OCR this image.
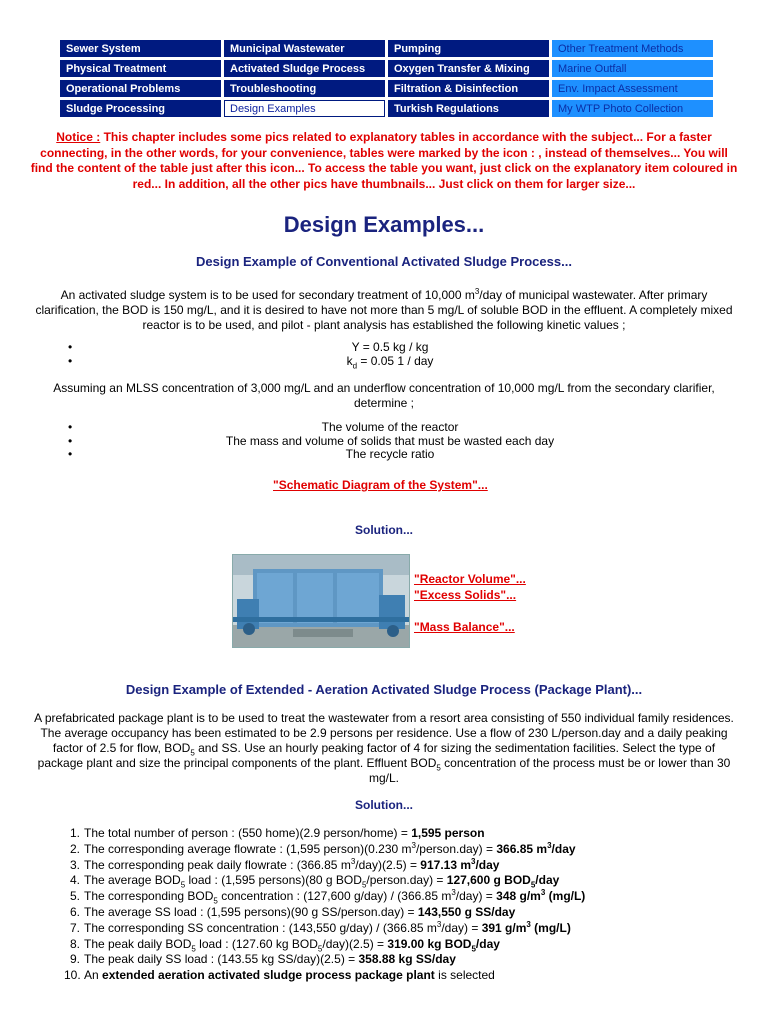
Sewer System	Municipal Wastewater	Pumping	Other Treatment Methods
Physical Treatment	Activated Sludge Process	Oxygen Transfer & Mixing	Marine Outfall
Operational Problems	Troubleshooting	Filtration & Disinfection	Env. Impact Assessment
Sludge Processing	Design Examples	Turkish Regulations	My WTP Photo Collection
Notice : This chapter includes some pics related to explanatory tables in accordance with the subject... For a faster connecting, in the other words, for your convenience, tables were marked by the icon : , instead of themselves... You will find the content of the table just after this icon... To access the table you want, just click on the explanatory item coloured in red... In addition, all the other pics have thumbnails... Just click on them for larger size...
Design Examples...
Design Example of Conventional Activated Sludge Process...
An activated sludge system is to be used for secondary treatment of 10,000 $m^3$/day of municipal wastewater. After primary clarification, the BOD is 150 mg/L, and it is desired to have not more than 5 mg/L of soluble BOD in the effluent. A completely mixed reactor is to be used, and pilot - plant analysis has established the following kinetic values ;
• Y = 0.5 kg / kg
• $k_d = 0.05$ 1 / day
Assuming an MLSS concentration of 3,000 mg/L and an underflow concentration of 10,000 mg/L from the secondary clarifier, determine ;
• The volume of the reactor
• The mass and volume of solids that must be wasted each day
• The recycle ratio
"Schematic Diagram of the System"...
Solution...
"Reactor Volume"...
"Excess Solids"...
"Mass Balance"...
Design Example of Extended - Aeration Activated Sludge Process (Package Plant)...
A prefabricated package plant is to be used to treat the wastewater from a resort area consisting of 550 individual family residences. The average occupancy has been estimated to be 2.9 persons per residence. Use a flow of 230 L/person.day and a daily peaking factor of 2.5 for flow, $BOD_5$ and SS. Use an hourly peaking factor of 4 for sizing the sedimentation facilities. Select the type of package plant and size the principal components of the plant. Effluent $BOD_5$ concentration of the process must be or lower than 30 mg/L.
Solution...
1. The total number of person : (550 home)(2.9 person/home) = 1,595 person
2. The corresponding average flowrate : (1,595 person)(0.230 $m^3/person.day) = 366.85$ $m^3$/day
3. The corresponding peak daily flowrate : (366.85 $m^3/day)(2.5) = 917.13$ $m^3$/day
4. The average $BOD_5$ load : (1,595 persons)(80 g $BOD_5/person.day) = 127,600$ g $BOD_5$/day
5. The corresponding $BOD_5$ concentration : (127,600 g/day) / (366.85 $m^3/day) = 348$ $g/m^3$ (mg/L)
6. The average SS load : (1,595 persons)(90 g SS/person.day) = 143,550 g SS/day
7. The corresponding SS concentration : (143,550 g/day) / (366.85 $m^3/day) = 391$ $g/m^3$ (mg/L)
8. The peak daily $BOD_5$ load : (127.60 kg $BOD_5/day)(2.5) = 319.00$ kg $BOD_5$/day
9. The peak daily SS load : (143.55 kg SS/day)(2.5) = 358.88 kg SS/day
10. An extended aeration activated sludge process package plant is selected
